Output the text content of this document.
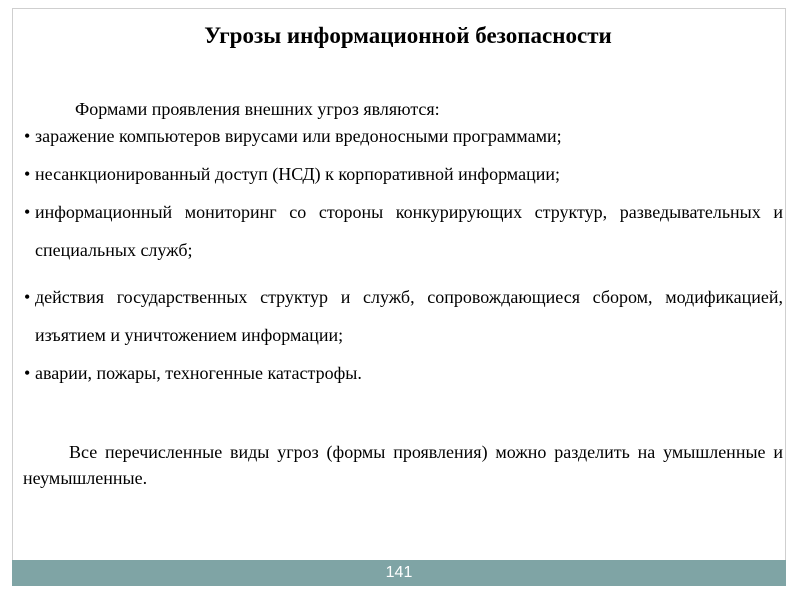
Угрозы информационной безопасности

Формами проявления внешних угроз являются:

• заражение компьютеров вирусами или вредоносными программами;
• несанкционированный доступ (НСД) к корпоративной информации;
• информационный мониторинг со стороны конкурирующих структур, разведывательных и специальных служб;
• действия государственных структур и служб, сопровождающиеся сбором, модификацией, изъятием и уничтожением информации;
• аварии, пожары, техногенные катастрофы.

Все перечисленные виды угроз (формы проявления) можно разделить на умышленные и неумышленные.

141
